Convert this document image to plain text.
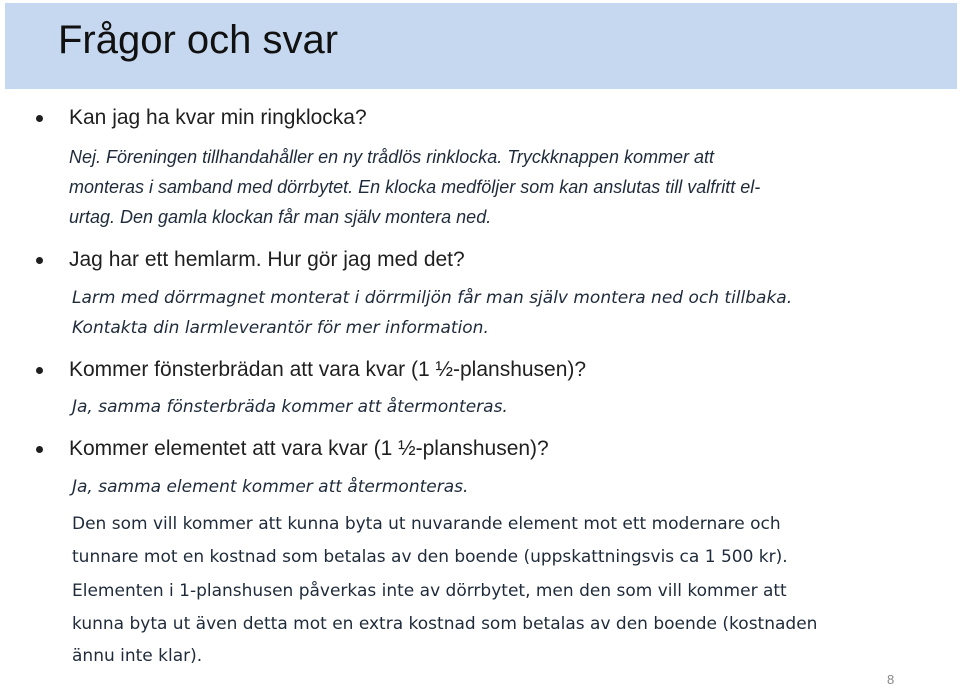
Frågor och svar
Kan jag ha kvar min ringklocka?
Nej. Föreningen tillhandahåller en ny trådlös rinklocka. Tryckknappen kommer att
monteras i samband med dörrbytet. En klocka medföljer som kan anslutas till valfritt el-
urtag. Den gamla klockan får man själv montera ned.
Jag har ett hemlarm. Hur gör jag med det?
Larm med dörrmagnet monterat i dörrmiljön får man själv montera ned och tillbaka.
Kontakta din larmleverantör för mer information.
Kommer fönsterbrädan att vara kvar (1 ½-planshusen)?
Ja, samma fönsterbräda kommer att återmonteras.
Kommer elementet att vara kvar (1 ½-planshusen)?
Ja, samma element kommer att återmonteras.
Den som vill kommer att kunna byta ut nuvarande element mot ett modernare och
tunnare mot en kostnad som betalas av den boende (uppskattningsvis ca 1 500 kr).
Elementen i 1-planshusen påverkas inte av dörrbytet, men den som vill kommer att
kunna byta ut även detta mot en extra kostnad som betalas av den boende (kostnaden
ännu inte klar).
8
